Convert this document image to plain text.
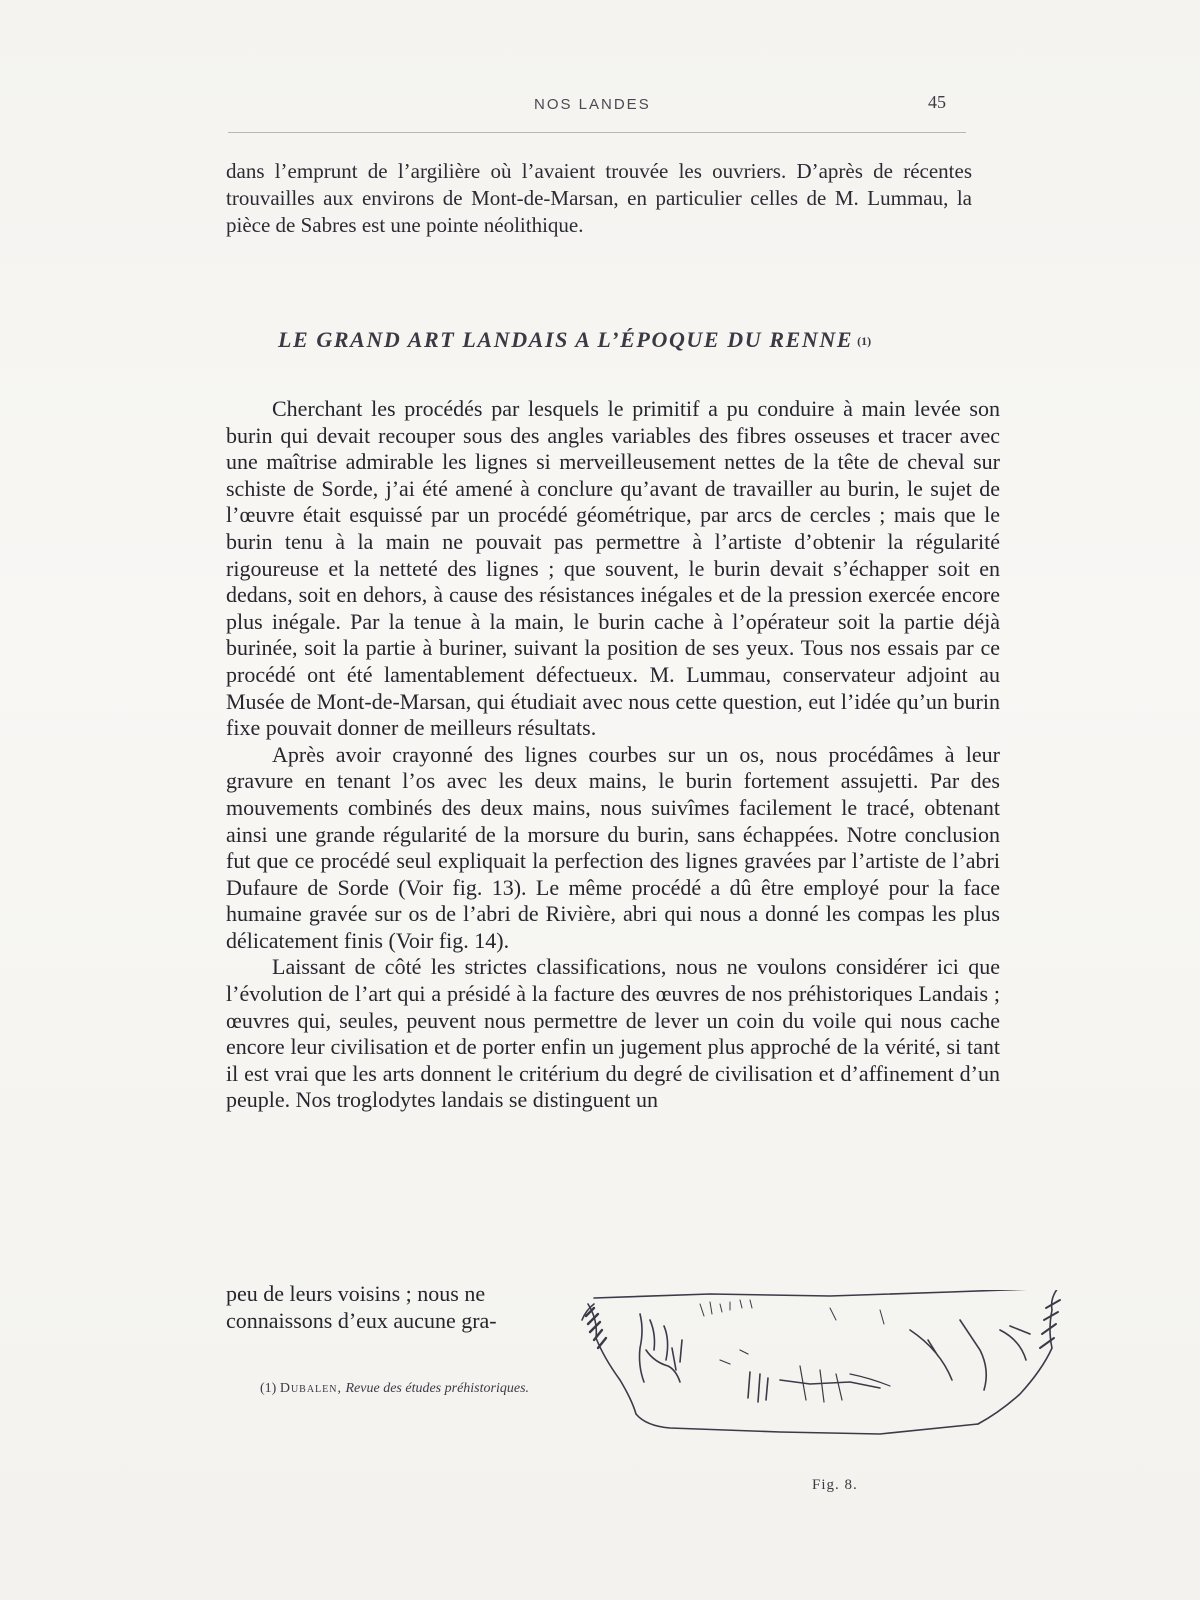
NOS LANDES	45

dans l’emprunt de l’argilière où l’avaient trouvée les ouvriers. D’après de récentes trouvailles aux environs de Mont-de-Marsan, en particulier celles de M. Lummau, la pièce de Sabres est une pointe néolithique.

LE GRAND ART LANDAIS A L’ÉPOQUE DU RENNE (1)

Cherchant les procédés par lesquels le primitif a pu conduire à main levée son burin qui devait recouper sous des angles variables des fibres osseuses et tracer avec une maîtrise admirable les lignes si merveilleusement nettes de la tête de cheval sur schiste de Sorde, j’ai été amené à conclure qu’avant de travailler au burin, le sujet de l’œuvre était esquissé par un procédé géométrique, par arcs de cercles ; mais que le burin tenu à la main ne pouvait pas permettre à l’artiste d’obtenir la régularité rigoureuse et la netteté des lignes ; que souvent, le burin devait s’échapper soit en dedans, soit en dehors, à cause des résistances inégales et de la pression exercée encore plus inégale. Par la tenue à la main, le burin cache à l’opérateur soit la partie déjà burinée, soit la partie à buriner, suivant la position de ses yeux. Tous nos essais par ce procédé ont été lamentablement défectueux. M. Lummau, conservateur adjoint au Musée de Mont-de-Marsan, qui étudiait avec nous cette question, eut l’idée qu’un burin fixe pouvait donner de meilleurs résultats.

Après avoir crayonné des lignes courbes sur un os, nous procédâmes à leur gravure en tenant l’os avec les deux mains, le burin fortement assujetti. Par des mouvements combinés des deux mains, nous suivîmes facilement le tracé, obtenant ainsi une grande régularité de la morsure du burin, sans échappées. Notre conclusion fut que ce procédé seul expliquait la perfection des lignes gravées par l’artiste de l’abri Dufaure de Sorde (Voir fig. 13). Le même procédé a dû être employé pour la face humaine gravée sur os de l’abri de Rivière, abri qui nous a donné les compas les plus délicatement finis (Voir fig. 14).

Laissant de côté les strictes classifications, nous ne voulons considérer ici que l’évolution de l’art qui a présidé à la facture des œuvres de nos préhistoriques Landais ; œuvres qui, seules, peuvent nous permettre de lever un coin du voile qui nous cache encore leur civilisation et de porter enfin un jugement plus approché de la vérité, si tant il est vrai que les arts donnent le critérium du degré de civilisation et d’affinement d’un peuple. Nos troglodytes landais se distinguent un

peu de leurs voisins ; nous ne
connaissons d’eux aucune gra-

(1) Dubalen, Revue des études préhistoriques.

Fig. 8.
